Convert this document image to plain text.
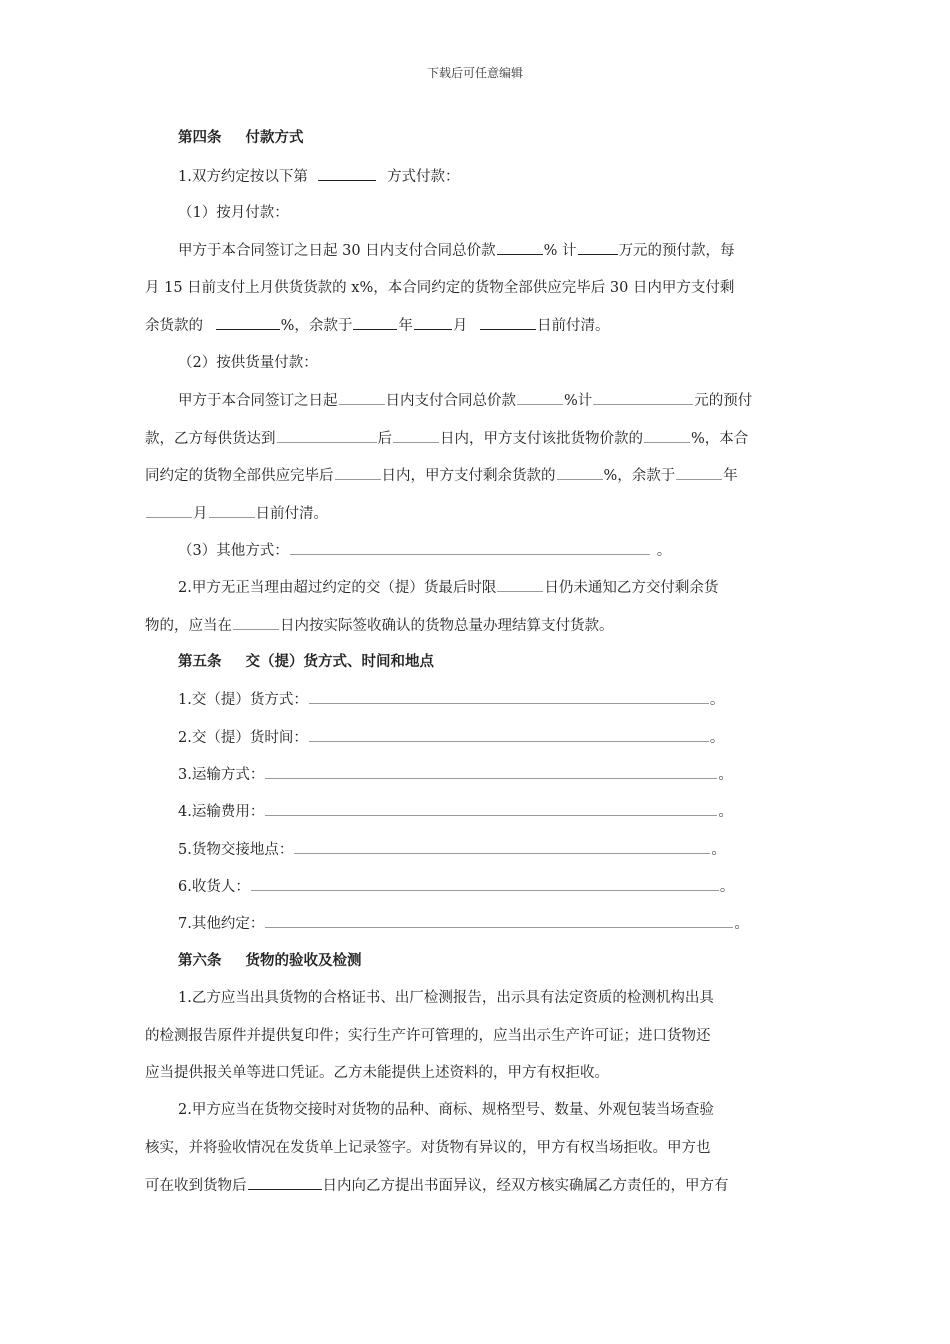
下载后可任意编辑
第四条 付款方式
1.双方约定按以下第	方式付款：
（1）按月付款：
甲方于本合同签订之日起 30 日内支付合同总价款	% 计	万元的预付款，每
月 15 日前支付上月供货货款的 x%，本合同约定的货物全部供应完毕后 30 日内甲方支付剩
余货款的	%，余款于	年	月	日前付清。
（2）按供货量付款：
甲方于本合同签订之日起	日内支付合同总价款	%计	元的预付
款，乙方每供货达到	后	日内，甲方支付该批货物价款的	%，本合
同约定的货物全部供应完毕后	日内，甲方支付剩余货款的	%，余款于	年
月	日前付清。
（3）其他方式：	。
2.甲方无正当理由超过约定的交（提）货最后时限	日仍未通知乙方交付剩余货
物的，应当在	日内按实际签收确认的货物总量办理结算支付货款。
第五条 交（提）货方式、时间和地点
1.交（提）货方式：	。
2.交（提）货时间：	。
3.运输方式：	。
4.运输费用：	。
5.货物交接地点：	。
6.收货人：	。
7.其他约定：	。
第六条 货物的验收及检测
1.乙方应当出具货物的合格证书、出厂检测报告，出示具有法定资质的检测机构出具
的检测报告原件并提供复印件；实行生产许可管理的，应当出示生产许可证；进口货物还
应当提供报关单等进口凭证。乙方未能提供上述资料的，甲方有权拒收。
2.甲方应当在货物交接时对货物的品种、商标、规格型号、数量、外观包装当场查验
核实，并将验收情况在发货单上记录签字。对货物有异议的，甲方有权当场拒收。甲方也
可在收到货物后	日内向乙方提出书面异议，经双方核实确属乙方责任的，甲方有
